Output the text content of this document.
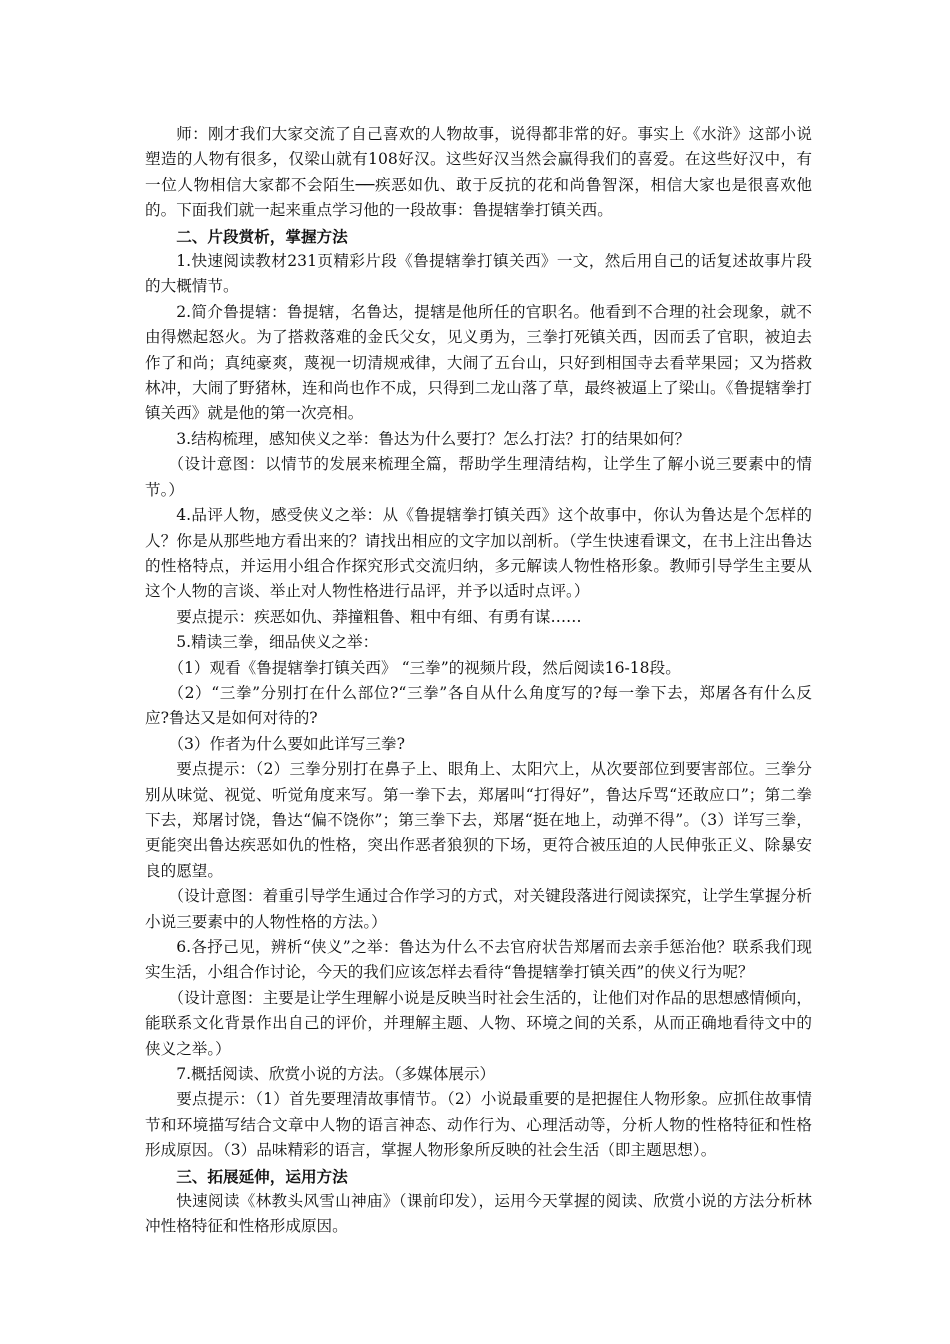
师：刚才我们大家交流了自己喜欢的人物故事，说得都非常的好。事实上《水浒》这部小说塑造的人物有很多，仅梁山就有108好汉。这些好汉当然会赢得我们的喜爱。在这些好汉中，有一位人物相信大家都不会陌生──疾恶如仇、敢于反抗的花和尚鲁智深，相信大家也是很喜欢他的。下面我们就一起来重点学习他的一段故事：鲁提辖拳打镇关西。

二、片段赏析，掌握方法

1.快速阅读教材231页精彩片段《鲁提辖拳打镇关西》一文，然后用自己的话复述故事片段的大概情节。

2.简介鲁提辖：鲁提辖，名鲁达，提辖是他所任的官职名。他看到不合理的社会现象，就不由得燃起怒火。为了搭救落难的金氏父女，见义勇为，三拳打死镇关西，因而丢了官职，被迫去作了和尚；真纯豪爽，蔑视一切清规戒律，大闹了五台山，只好到相国寺去看苹果园；又为搭救林冲，大闹了野猪林，连和尚也作不成，只得到二龙山落了草，最终被逼上了梁山。《鲁提辖拳打镇关西》就是他的第一次亮相。

3.结构梳理，感知侠义之举：鲁达为什么要打？怎么打法？打的结果如何？

（设计意图：以情节的发展来梳理全篇，帮助学生理清结构，让学生了解小说三要素中的情节。）

4.品评人物，感受侠义之举：从《鲁提辖拳打镇关西》这个故事中，你认为鲁达是个怎样的人？你是从那些地方看出来的？请找出相应的文字加以剖析。（学生快速看课文，在书上注出鲁达的性格特点，并运用小组合作探究形式交流归纳，多元解读人物性格形象。教师引导学生主要从这个人物的言谈、举止对人物性格进行品评，并予以适时点评。）

要点提示：疾恶如仇、莽撞粗鲁、粗中有细、有勇有谋……

5.精读三拳，细品侠义之举：

（1）观看《鲁提辖拳打镇关西》 “三拳”的视频片段，然后阅读16-18段。

（2）“三拳”分别打在什么部位?“三拳”各自从什么角度写的?每一拳下去，郑屠各有什么反应?鲁达又是如何对待的?

（3）作者为什么要如此详写三拳?

要点提示：（2）三拳分别打在鼻子上、眼角上、太阳穴上，从次要部位到要害部位。三拳分别从味觉、视觉、听觉角度来写。第一拳下去，郑屠叫“打得好”，鲁达斥骂“还敢应口”；第二拳下去，郑屠讨饶，鲁达“偏不饶你”；第三拳下去，郑屠“挺在地上，动弹不得”。（3）详写三拳，更能突出鲁达疾恶如仇的性格，突出作恶者狼狈的下场，更符合被压迫的人民伸张正义、除暴安良的愿望。

（设计意图：着重引导学生通过合作学习的方式，对关键段落进行阅读探究，让学生掌握分析小说三要素中的人物性格的方法。）

6.各抒己见，辨析“侠义”之举：鲁达为什么不去官府状告郑屠而去亲手惩治他？联系我们现实生活，小组合作讨论，今天的我们应该怎样去看待“鲁提辖拳打镇关西”的侠义行为呢？

（设计意图：主要是让学生理解小说是反映当时社会生活的，让他们对作品的思想感情倾向，能联系文化背景作出自己的评价，并理解主题、人物、环境之间的关系，从而正确地看待文中的侠义之举。）

7.概括阅读、欣赏小说的方法。（多媒体展示）

要点提示：（1）首先要理清故事情节。（2）小说最重要的是把握住人物形象。应抓住故事情节和环境描写结合文章中人物的语言神态、动作行为、心理活动等，分析人物的性格特征和性格形成原因。（3）品味精彩的语言，掌握人物形象所反映的社会生活（即主题思想）。

三、拓展延伸，运用方法

快速阅读《林教头风雪山神庙》（课前印发），运用今天掌握的阅读、欣赏小说的方法分析林冲性格特征和性格形成原因。
